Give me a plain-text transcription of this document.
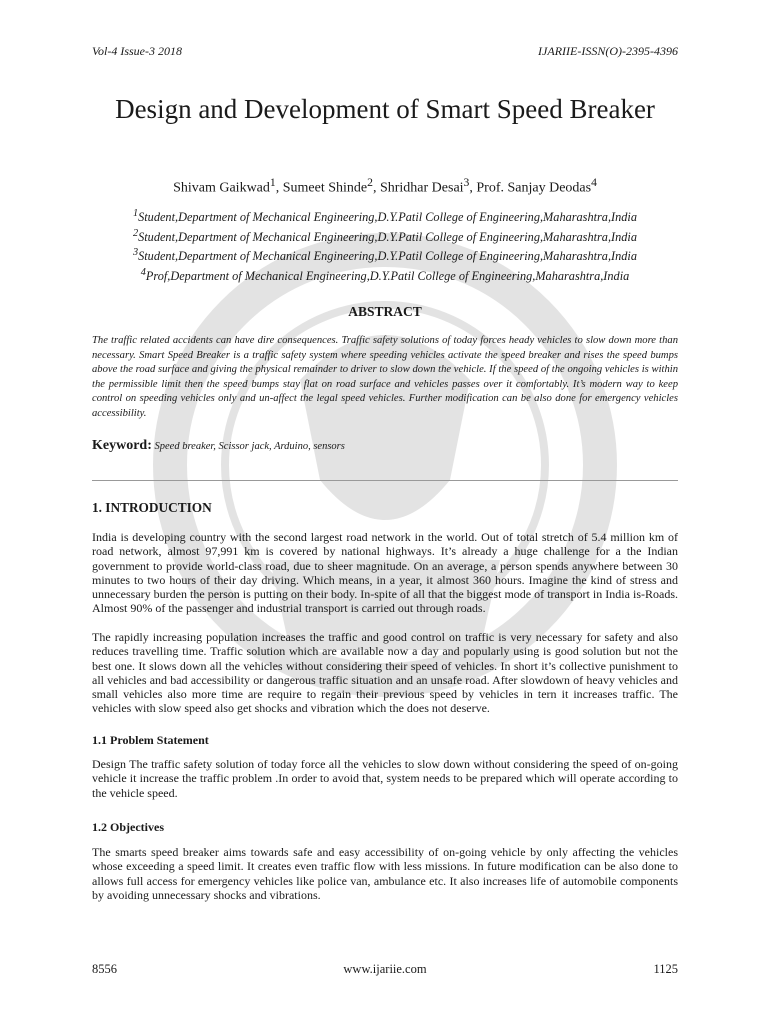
Vol-4 Issue-3 2018	IJARIIE-ISSN(O)-2395-4396
Design and Development of Smart Speed Breaker
Shivam Gaikwad$^1$, Sumeet Shinde$^2$, Shridhar Desai$^3$, Prof. Sanjay Deodas$^4$
$^1$Student,Department of Mechanical Engineering,D.Y.Patil College of Engineering,Maharashtra,India
$^2$Student,Department of Mechanical Engineering,D.Y.Patil College of Engineering,Maharashtra,India
$^3$Student,Department of Mechanical Engineering,D.Y.Patil College of Engineering,Maharashtra,India
$^4$Prof,Department of Mechanical Engineering,D.Y.Patil College of Engineering,Maharashtra,India
ABSTRACT

The traffic related accidents can have dire consequences. Traffic safety solutions of today forces heady vehicles to slow down more than necessary. Smart Speed Breaker is a traffic safety system where speeding vehicles activate the speed breaker and rises the speed bumps above the road surface and giving the physical remainder to driver to slow down the vehicle. If the speed of the ongoing vehicles is within the permissible limit then the speed bumps stay flat on road surface and vehicles passes over it comfortably. It’s modern way to keep control on speeding vehicles only and un-affect the legal speed vehicles. Further modification can be also done for emergency vehicles accessibility.

Keyword: Speed breaker, Scissor jack, Arduino, sensors
1. INTRODUCTION

India is developing country with the second largest road network in the world. Out of total stretch of 5.4 million km of road network, almost 97,991 km is covered by national highways. It’s already a huge challenge for a the Indian government to provide world-class road, due to sheer magnitude. On an average, a person spends anywhere between 30 minutes to two hours of their day driving. Which means, in a year, it almost 360 hours. Imagine the kind of stress and unnecessary burden the person is putting on their body. In-spite of all that the biggest mode of transport in India is-Roads. Almost 90% of the passenger and industrial transport is carried out through roads.

The rapidly increasing population increases the traffic and good control on traffic is very necessary for safety and also reduces travelling time. Traffic solution which are available now a day and popularly using is good solution but not the best one. It slows down all the vehicles without considering their speed of vehicles. In short it’s collective punishment to all vehicles and bad accessibility or dangerous traffic situation and an unsafe road. After slowdown of heavy vehicles and small vehicles also more time are require to regain their previous speed by vehicles in tern it increases traffic. The vehicles with slow speed also get shocks and vibration which the does not deserve.

1.1 Problem Statement

Design The traffic safety solution of today force all the vehicles to slow down without considering the speed of on-going vehicle it increase the traffic problem .In order to avoid that, system needs to be prepared which will operate according to the vehicle speed.

1.2 Objectives

The smarts speed breaker aims towards safe and easy accessibility of on-going vehicle by only affecting the vehicles whose exceeding a speed limit. It creates even traffic flow with less missions. In future modification can be also done to allows full access for emergency vehicles like police van, ambulance etc. It also increases life of automobile components by avoiding unnecessary shocks and vibrations.

8556	www.ijariie.com	1125
